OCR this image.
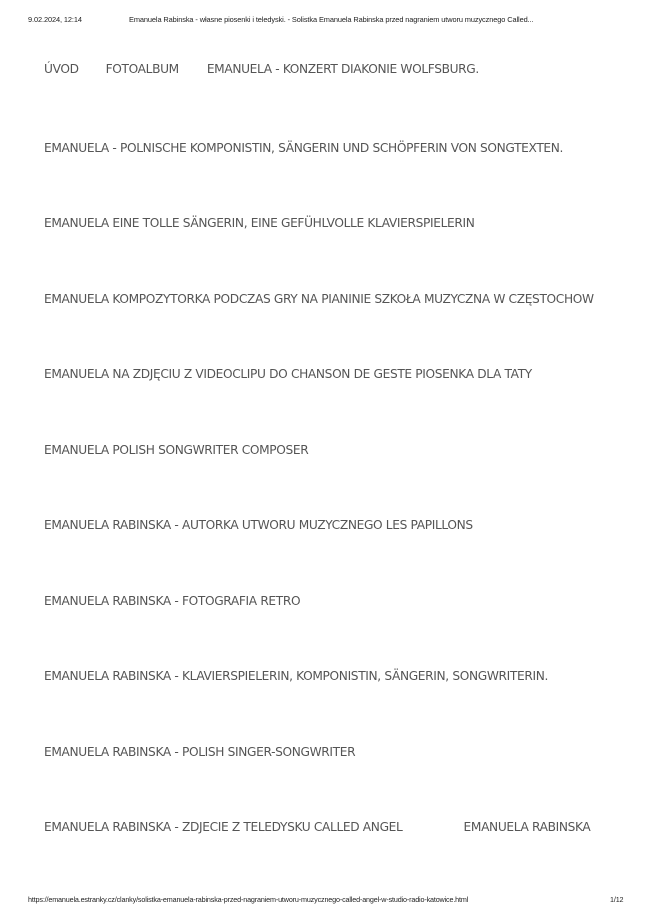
9.02.2024, 12:14	Emanuela Rabinska - własne piosenki i teledyski. - Solistka Emanuela Rabinska przed nagraniem utworu muzycznego Called...
ÚVOD FOTOALBUM EMANUELA - KONZERT DIAKONIE WOLFSBURG.
EMANUELA - POLNISCHE KOMPONISTIN, SÄNGERIN UND SCHÖPFERIN VON SONGTEXTEN.
EMANUELA EINE TOLLE SÄNGERIN, EINE GEFÜHLVOLLE KLAVIERSPIELERIN
EMANUELA KOMPOZYTORKA PODCZAS GRY NA PIANINIE SZKOŁA MUZYCZNA W CZĘSTOCHOW
EMANUELA NA ZDJĘCIU Z VIDEOCLIPU DO CHANSON DE GESTE PIOSENKA DLA TATY
EMANUELA POLISH SONGWRITER COMPOSER
EMANUELA RABINSKA - AUTORKA UTWORU MUZYCZNEGO LES PAPILLONS
EMANUELA RABINSKA - FOTOGRAFIA RETRO
EMANUELA RABINSKA - KLAVIERSPIELERIN, KOMPONISTIN, SÄNGERIN, SONGWRITERIN.
EMANUELA RABINSKA - POLISH SINGER-SONGWRITER
EMANUELA RABINSKA - ZDJECIE Z TELEDYSKU CALLED ANGEL	EMANUELA RABINSKA
https://emanuela.estranky.cz/clanky/solistka-emanuela-rabinska-przed-nagraniem-utworu-muzycznego-called-angel-w-studio-radio-katowice.html	1/12
